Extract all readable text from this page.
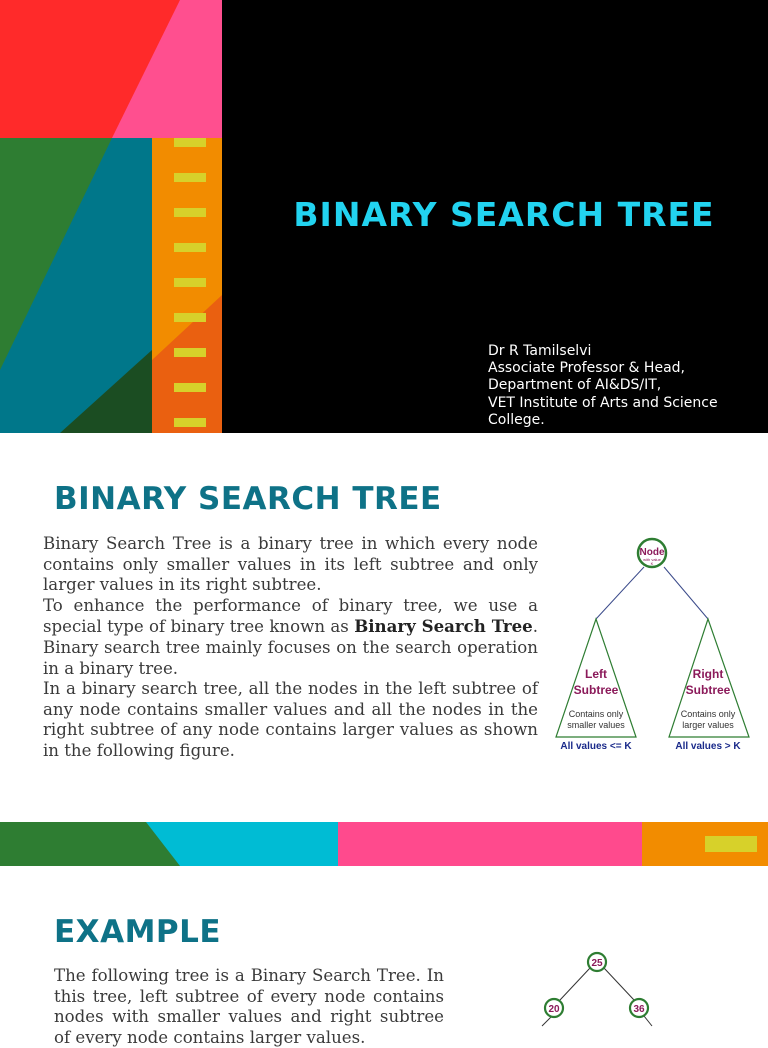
BINARY SEARCH TREE
Dr R Tamilselvi
Associate Professor & Head,
Department of AI&DS/IT,
VET Institute of Arts and Science
College.
BINARY SEARCH TREE

Binary Search Tree is a binary tree in which every node contains only smaller values in its left subtree and only larger values in its right subtree.

To enhance the performance of binary tree, we use a special type of binary tree known as Binary Search Tree. Binary search tree mainly focuses on the search operation in a binary tree.

In a binary search tree, all the nodes in the left subtree of any node contains smaller values and all the nodes in the right subtree of any node contains larger values as shown in the following figure.

Node
with value
K
Left
Subtree
Contains only
smaller values
All values <= K
Right
Subtree
Contains only
larger values
All values > K
EXAMPLE

The following tree is a Binary Search Tree. In this tree, left subtree of every node contains nodes with smaller values and right subtree of every node contains larger values.

25
20	36
